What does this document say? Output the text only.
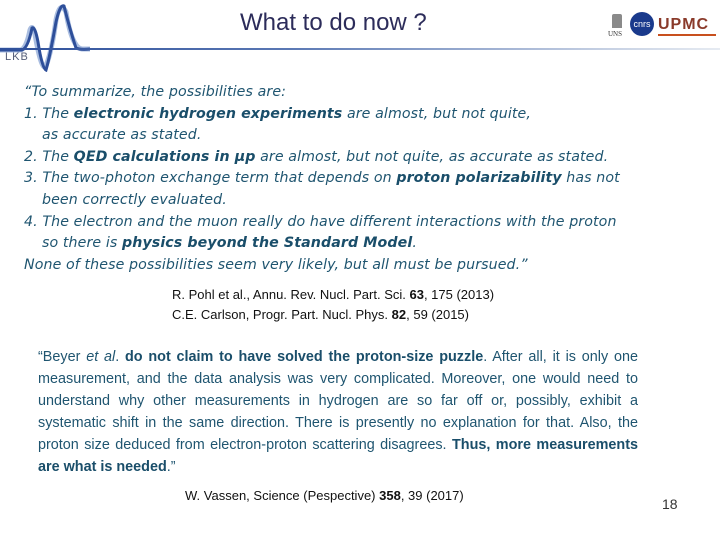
LKB
What to do now ?	UNS
cnrs UPMC
“To summarize, the possibilities are:
1. The electronic hydrogen experiments are almost, but not quite,
as accurate as stated.
2. The QED calculations in μp are almost, but not quite, as accurate as stated.
3. The two-photon exchange term that depends on proton polarizability has not
been correctly evaluated.
4. The electron and the muon really do have different interactions with the proton
so there is physics beyond the Standard Model.
None of these possibilities seem very likely, but all must be pursued.”
R. Pohl et al., Annu. Rev. Nucl. Part. Sci. 63, 175 (2013)
C.E. Carlson, Progr. Part. Nucl. Phys. 82, 59 (2015)
“Beyer et al. do not claim to have solved the proton-size puzzle. After all, it is only one measurement, and the data analysis was very complicated. Moreover, one would need to understand why other measurements in hydrogen are so far off or, possibly, exhibit a systematic shift in the same direction. There is presently no explanation for that. Also, the proton size deduced from electron-proton scattering disagrees. Thus, more measurements are what is needed.”
W. Vassen, Science (Pespective) 358, 39 (2017)
18
